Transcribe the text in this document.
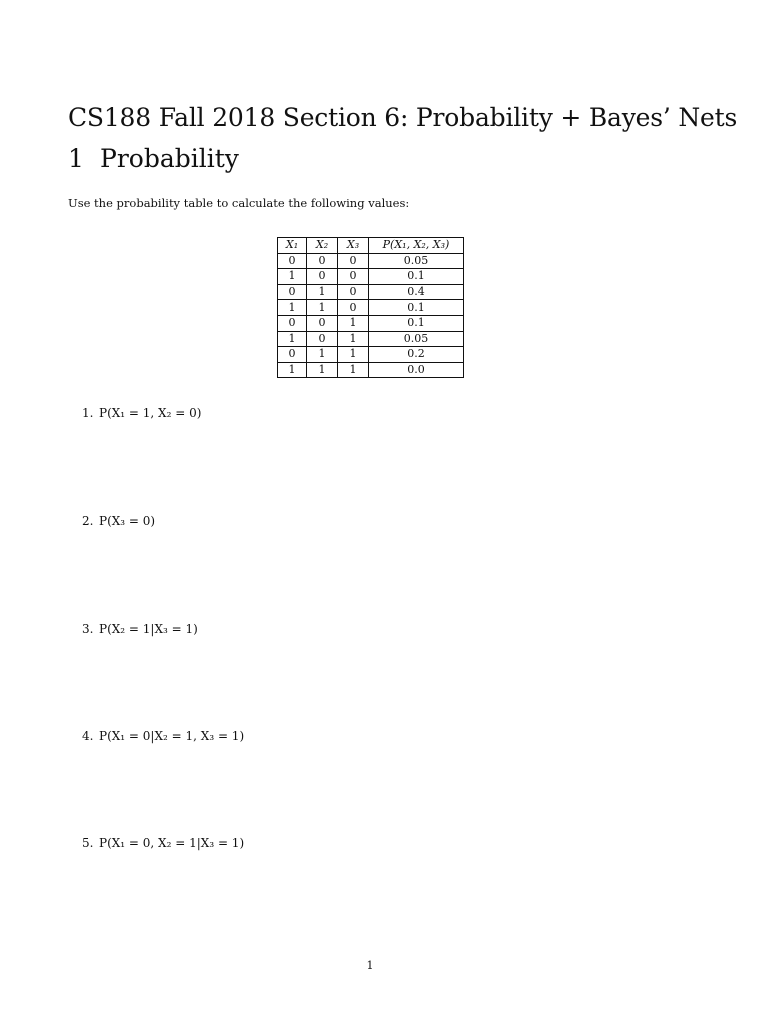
CS188 Fall 2018 Section 6: Probability + Bayes’ Nets
1 Probability

Use the probability table to calculate the following values:

X₁	X₂	X₃	P(X₁, X₂, X₃)
0	0	0	0.05
1	0	0	0.1
0	1	0	0.4
1	1	0	0.1
0	0	1	0.1
1	0	1	0.05
0	1	1	0.2
1	1	1	0.0
1. P(X₁ = 1, X₂ = 0)
2. P(X₃ = 0)
3. P(X₂ = 1|X₃ = 1)
4. P(X₁ = 0|X₂ = 1, X₃ = 1)
5. P(X₁ = 0, X₂ = 1|X₃ = 1)
1
